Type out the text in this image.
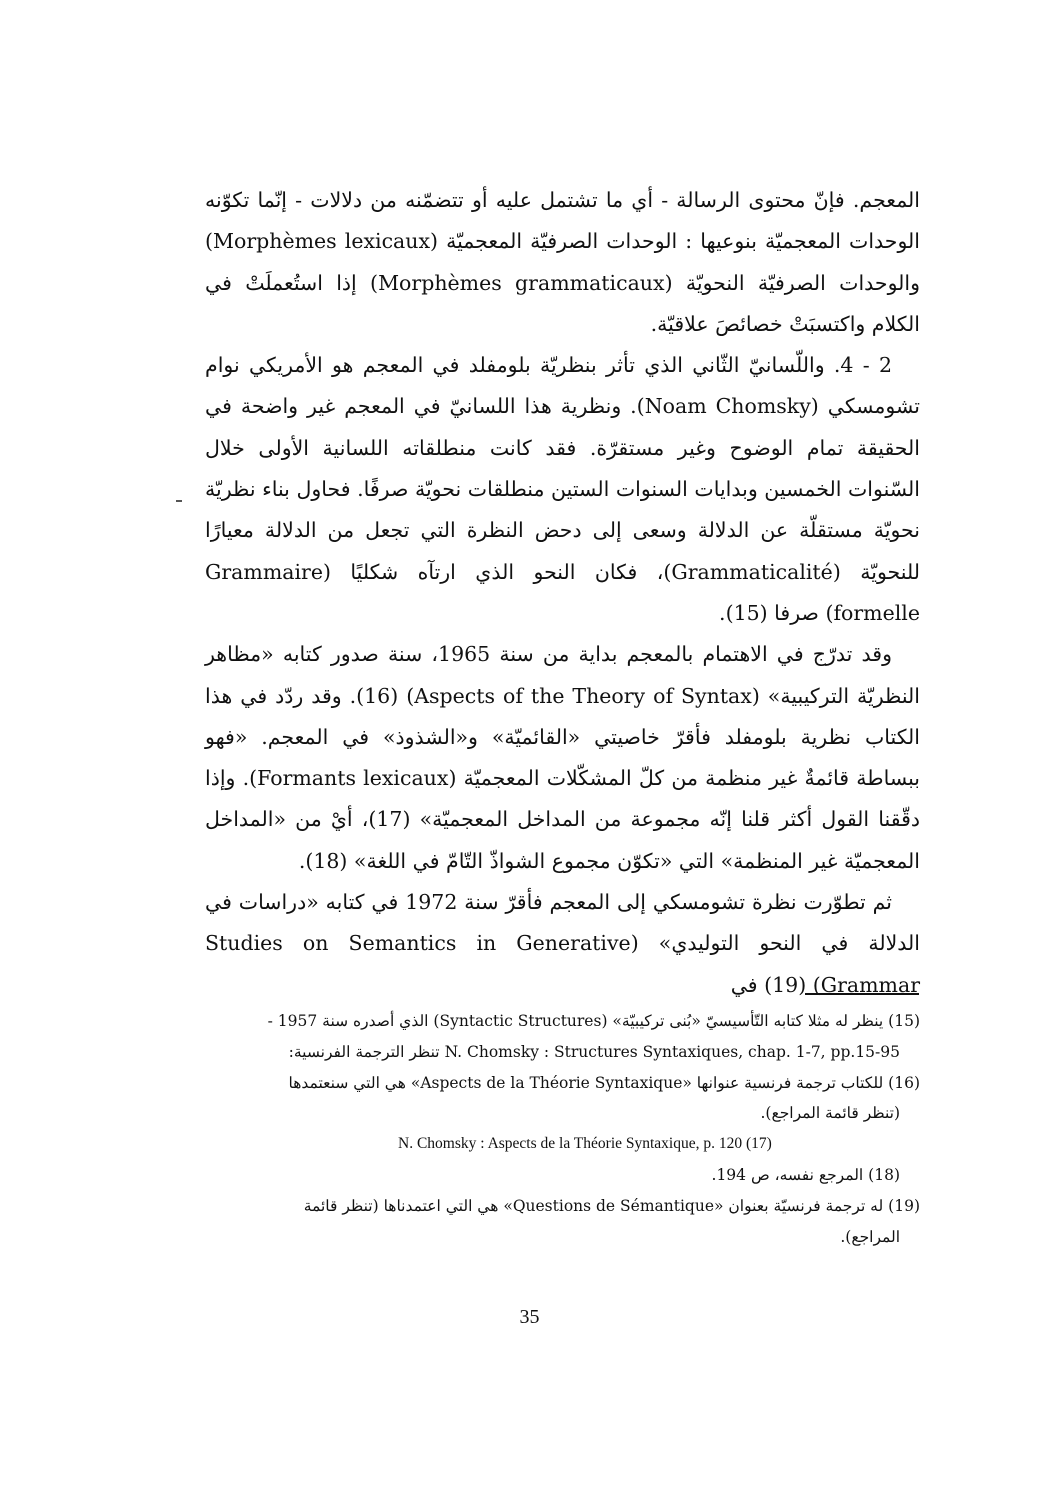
المعجم. فإنّ محتوى الرسالة - أي ما تشتمل عليه أو تتضمّنه من دلالات - إنّما تكوّنه الوحدات المعجميّة بنوعيها : الوحدات الصرفيّة المعجميّة (Morphèmes lexicaux) والوحدات الصرفيّة النحويّة (Morphèmes grammaticaux) إذا استُعملَتْ في الكلام واكتسبَتْ خصائصَ علاقيّة.

2 - 4. واللّسانيّ الثّاني الذي تأثر بنظريّة بلومفلد في المعجم هو الأمريكي نوام تشومسكي (Noam Chomsky). ونظرية هذا اللسانيّ في المعجم غير واضحة في الحقيقة تمام الوضوح وغير مستقرّة. فقد كانت منطلقاته اللسانية الأولى خلال السّنوات الخمسين وبدايات السنوات الستين منطلقات نحويّة صرفًا. فحاول بناء نظريّة نحويّة مستقلّة عن الدلالة وسعى إلى دحض النظرة التي تجعل من الدلالة معيارًا للنحويّة (Grammaticalité)، فكان النحو الذي ارتآه شكليًا (Grammaire formelle) صرفا (15).

وقد تدرّج في الاهتمام بالمعجم بداية من سنة 1965، سنة صدور كتابه «مظاهر النظريّة التركيبية» (Aspects of the Theory of Syntax) (16). وقد ردّد في هذا الكتاب نظرية بلومفلد فأقرّ خاصيتي «القائميّة» و«الشذوذ» في المعجم. «فهو ببساطة قائمةٌ غير منظمة من كلّ المشكّلات المعجميّة (Formants lexicaux). وإذا دقّقنا القول أكثر قلنا إنّه مجموعة من المداخل المعجميّة» (17)، أيْ من «المداخل المعجميّة غير المنظمة» التي «تكوّن مجموع الشواذّ التّامّ في اللغة» (18).

ثم تطوّرت نظرة تشومسكي إلى المعجم فأقرّ سنة 1972 في كتابه «دراسات في الدلالة في النحو التوليدي» (Studies on Semantics in Generative Grammar) (19) في

(15) ينظر له مثلا كتابه التّأسيسيّ «بُنى تركيبيّة» (Syntactic Structures) الذي أصدره سنة 1957 -

N. Chomsky : Structures Syntaxiques, chap. 1-7, pp.15-95 تنظر الترجمة الفرنسية:

(16) للكتاب ترجمة فرنسية عنوانها «Aspects de la Théorie Syntaxique» هي التي سنعتمدها

(تنظر قائمة المراجع).

N. Chomsky : Aspects de la Théorie Syntaxique, p. 120 (17)

(18) المرجع نفسه، ص 194.

(19) له ترجمة فرنسيّة بعنوان «Questions de Sémantique» هي التي اعتمدناها (تنظر قائمة

المراجع).

35
